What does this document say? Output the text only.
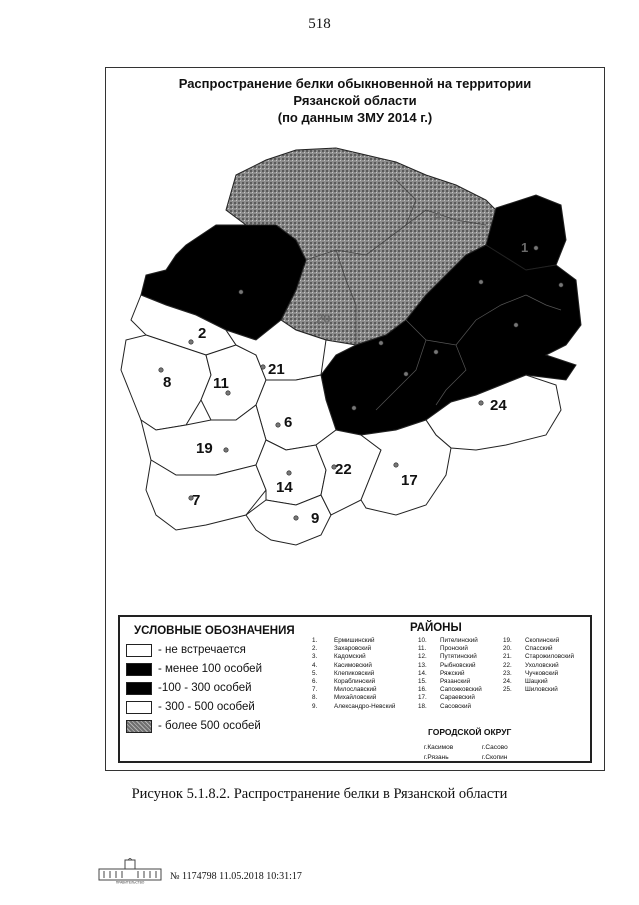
518
Распространение белки обыкновенной на территории
Рязанской области
(по данным ЗМУ 2014 г.)
1
4
20
2
8	11
21
6
19
7
14
9
22
17
24
УСЛОВНЫЕ ОБОЗНАЧЕНИЯ
- не встречается
- менее 100 особей
-100 - 300 особей
- 300 - 500 особей
- более 500 особей
РАЙОНЫ
1.	Ермишинский
2.	Захаровский
3.	Кадомский
4.	Касимовский
5.	Клепиковский
6.	Кораблинский
7.	Милославский
8.	Михайловский
9.	Александро-Невский
10. Пителинский
11. Пронский
12. Путятинский
13. Рыбновский
14. Ряжский
15. Рязанский
16. Сапожковский
17. Сараевский
18. Сасовский
19. Скопинский
20. Спасский
21. Старожиловский
22. Ухоловский
23. Чучковский
24. Шацкий
25. Шиловский
ГОРОДСКОЙ ОКРУГ
г.Касимов	г.Сасово
г.Рязань	г.Скопин
Рисунок 5.1.8.2. Распространение белки в Рязанской области
ПРАВИТЕЛЬСТВО
№ 1174798 11.05.2018 10:31:17
